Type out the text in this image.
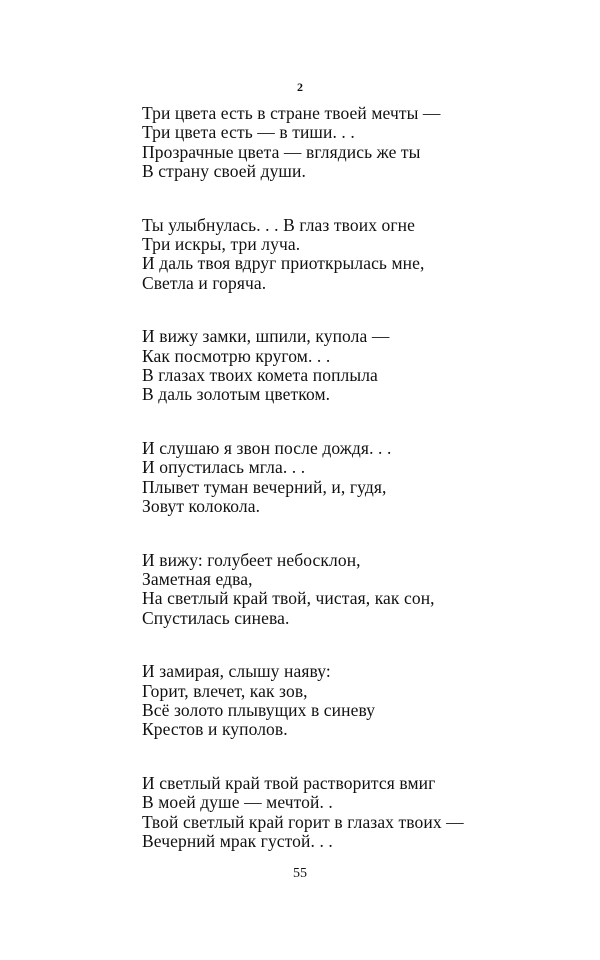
2
Три цвета есть в стране твоей мечты —
Три цвета есть — в тиши. . .
Прозрачные цвета — вглядись же ты
В страну своей души.
Ты улыбнулась. . . В глаз твоих огне
Три искры, три луча.
И даль твоя вдруг приоткрылась мне,
Светла и горяча.
И вижу замки, шпили, купола —
Как посмотрю кругом. . .
В глазах твоих комета поплыла
В даль золотым цветком.
И слушаю я звон после дождя. . .
И опустилась мгла. . .
Плывет туман вечерний, и, гудя,
Зовут колокола.
И вижу: голубеет небосклон,
Заметная едва,
На светлый край твой, чистая, как сон,
Спустилась синева.
И замирая, слышу наяву:
Горит, влечет, как зов,
Всё золото плывущих в синеву
Крестов и куполов.
И светлый край твой растворится вмиг
В моей душе — мечтой. .
Твой светлый край горит в глазах твоих —
Вечерний мрак густой. . .
55
